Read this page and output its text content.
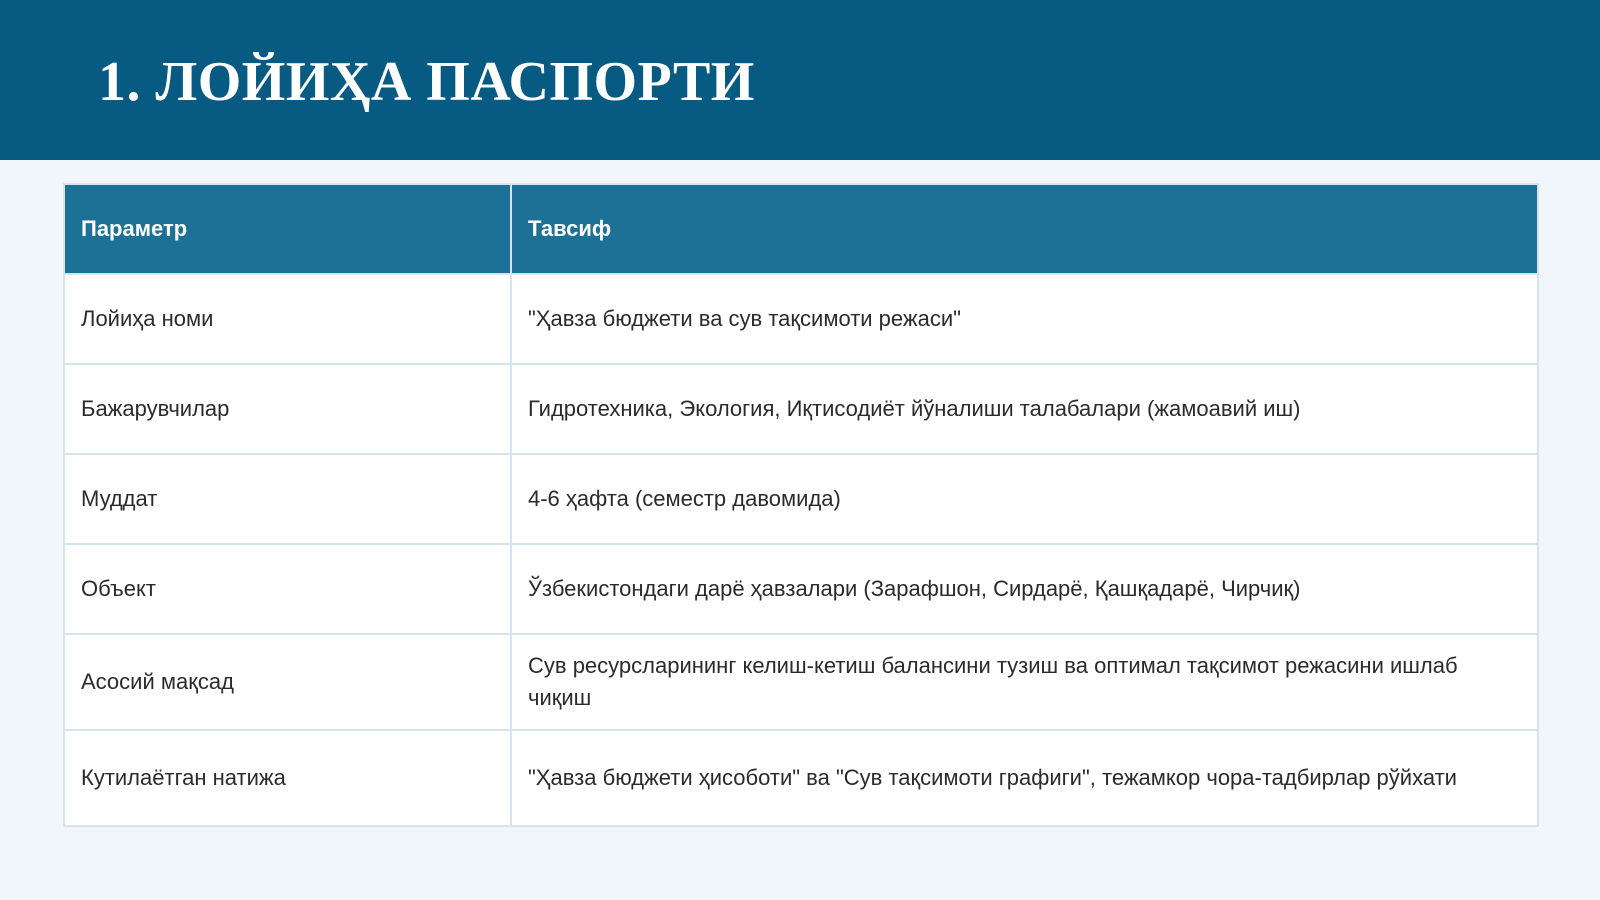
1. ЛОЙИҲА ПАСПОРТИ
Параметр	Тавсиф
Лойиҳа номи	"Ҳавза бюджети ва сув тақсимоти режаси"
Бажарувчилар	Гидротехника, Экология, Иқтисодиёт йўналиши талабалари (жамоавий иш)
Муддат	4-6 ҳафта (семестр давомида)
Объект	Ўзбекистондаги дарё ҳавзалари (Зарафшон, Сирдарё, Қашқадарё, Чирчиқ)
Асосий мақсад	Сув ресурсларининг келиш-кетиш балансини тузиш ва оптимал тақсимот режасини ишлаб чиқиш
Кутилаётган натижа	"Ҳавза бюджети ҳисоботи" ва "Сув тақсимоти графиги", тежамкор чора-тадбирлар рўйхати
